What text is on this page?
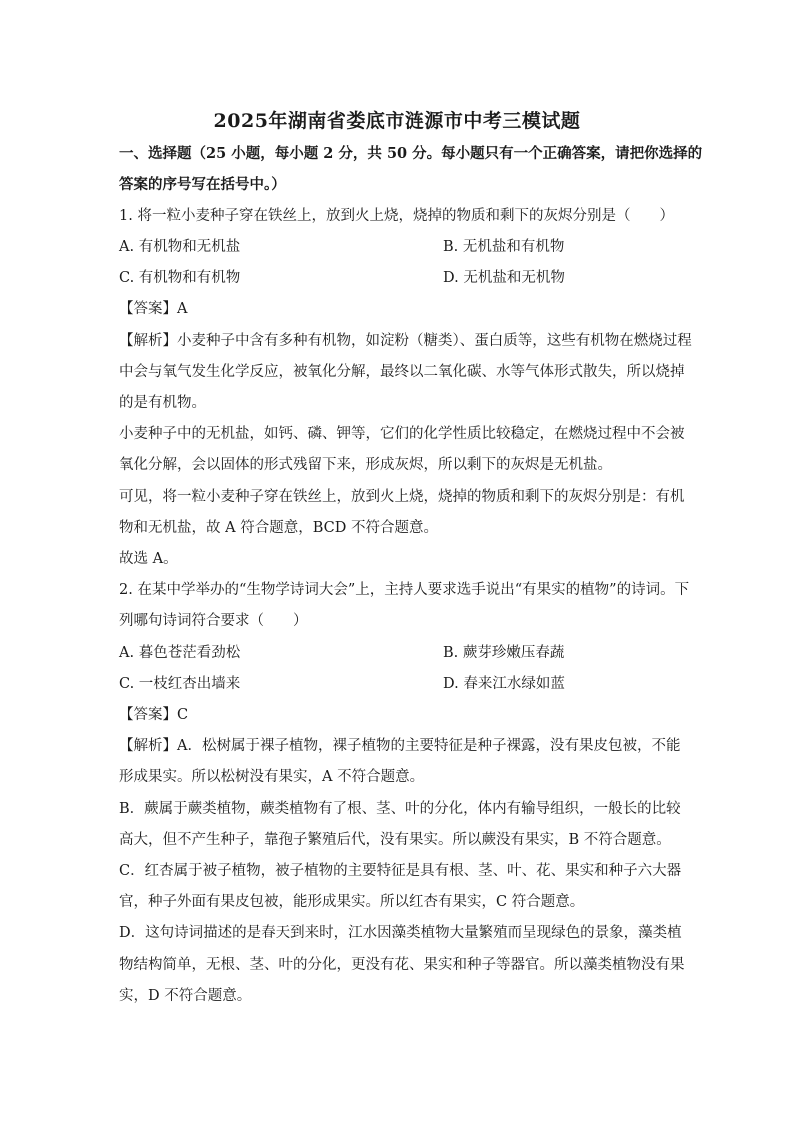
2025年湖南省娄底市涟源市中考三模试题
一、选择题（25 小题，每小题 2 分，共 50 分。每小题只有一个正确答案，请把你选择的
答案的序号写在括号中。）
1. 将一粒小麦种子穿在铁丝上，放到火上烧，烧掉的物质和剩下的灰烬分别是（　　）
A. 有机物和无机盐	B. 无机盐和有机物
C. 有机物和有机物	D. 无机盐和无机物
【答案】A
【解析】小麦种子中含有多种有机物，如淀粉（糖类）、蛋白质等，这些有机物在燃烧过程
中会与氧气发生化学反应，被氧化分解，最终以二氧化碳、水等气体形式散失，所以烧掉
的是有机物。
小麦种子中的无机盐，如钙、磷、钾等，它们的化学性质比较稳定，在燃烧过程中不会被
氧化分解，会以固体的形式残留下来，形成灰烬，所以剩下的灰烬是无机盐。
可见，将一粒小麦种子穿在铁丝上，放到火上烧，烧掉的物质和剩下的灰烬分别是：有机
物和无机盐，故 A 符合题意，BCD 不符合题意。
故选 A。
2. 在某中学举办的“生物学诗词大会”上，主持人要求选手说出“有果实的植物”的诗词。下
列哪句诗词符合要求（　　）
A. 暮色苍茫看劲松	B. 蕨芽珍嫩压春蔬
C. 一枝红杏出墙来	D. 春来江水绿如蓝
【答案】C
【解析】A．松树属于裸子植物，裸子植物的主要特征是种子裸露，没有果皮包被，不能
形成果实。所以松树没有果实，A 不符合题意。
B．蕨属于蕨类植物，蕨类植物有了根、茎、叶的分化，体内有输导组织，一般长的比较
高大，但不产生种子，靠孢子繁殖后代，没有果实。所以蕨没有果实，B 不符合题意。
C．红杏属于被子植物，被子植物的主要特征是具有根、茎、叶、花、果实和种子六大器
官，种子外面有果皮包被，能形成果实。所以红杏有果实，C 符合题意。
D．这句诗词描述的是春天到来时，江水因藻类植物大量繁殖而呈现绿色的景象，藻类植
物结构简单，无根、茎、叶的分化，更没有花、果实和种子等器官。所以藻类植物没有果
实，D 不符合题意。
